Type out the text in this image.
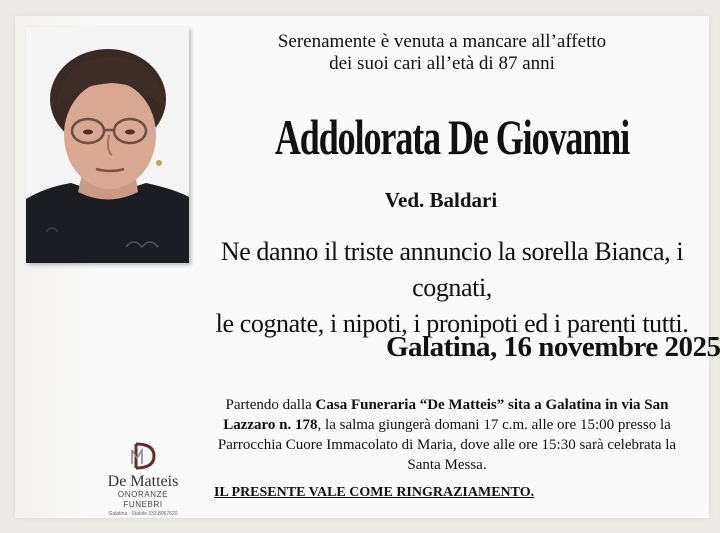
Serenamente è venuta a mancare all’affetto
dei suoi cari all’età di 87 anni
Addolorata De Giovanni
Ved. Baldari
Ne danno il triste annuncio la sorella Bianca, i cognati,
le cognate, i nipoti, i pronipoti ed i parenti tutti.
Galatina, 16 novembre 2025
Partendo dalla Casa Funeraria “De Matteis” sita a Galatina in via San Lazzaro n. 178, la salma giungerà domani 17 c.m. alle ore 15:00 presso la Parrocchia Cuore Immacolato di Maria, dove alle ore 15:30 sarà celebrata la Santa Messa.
De Matteis
ONORANZE FUNEBRI
Galatina · Stabile 333.8067620
IL PRESENTE VALE COME RINGRAZIAMENTO.
